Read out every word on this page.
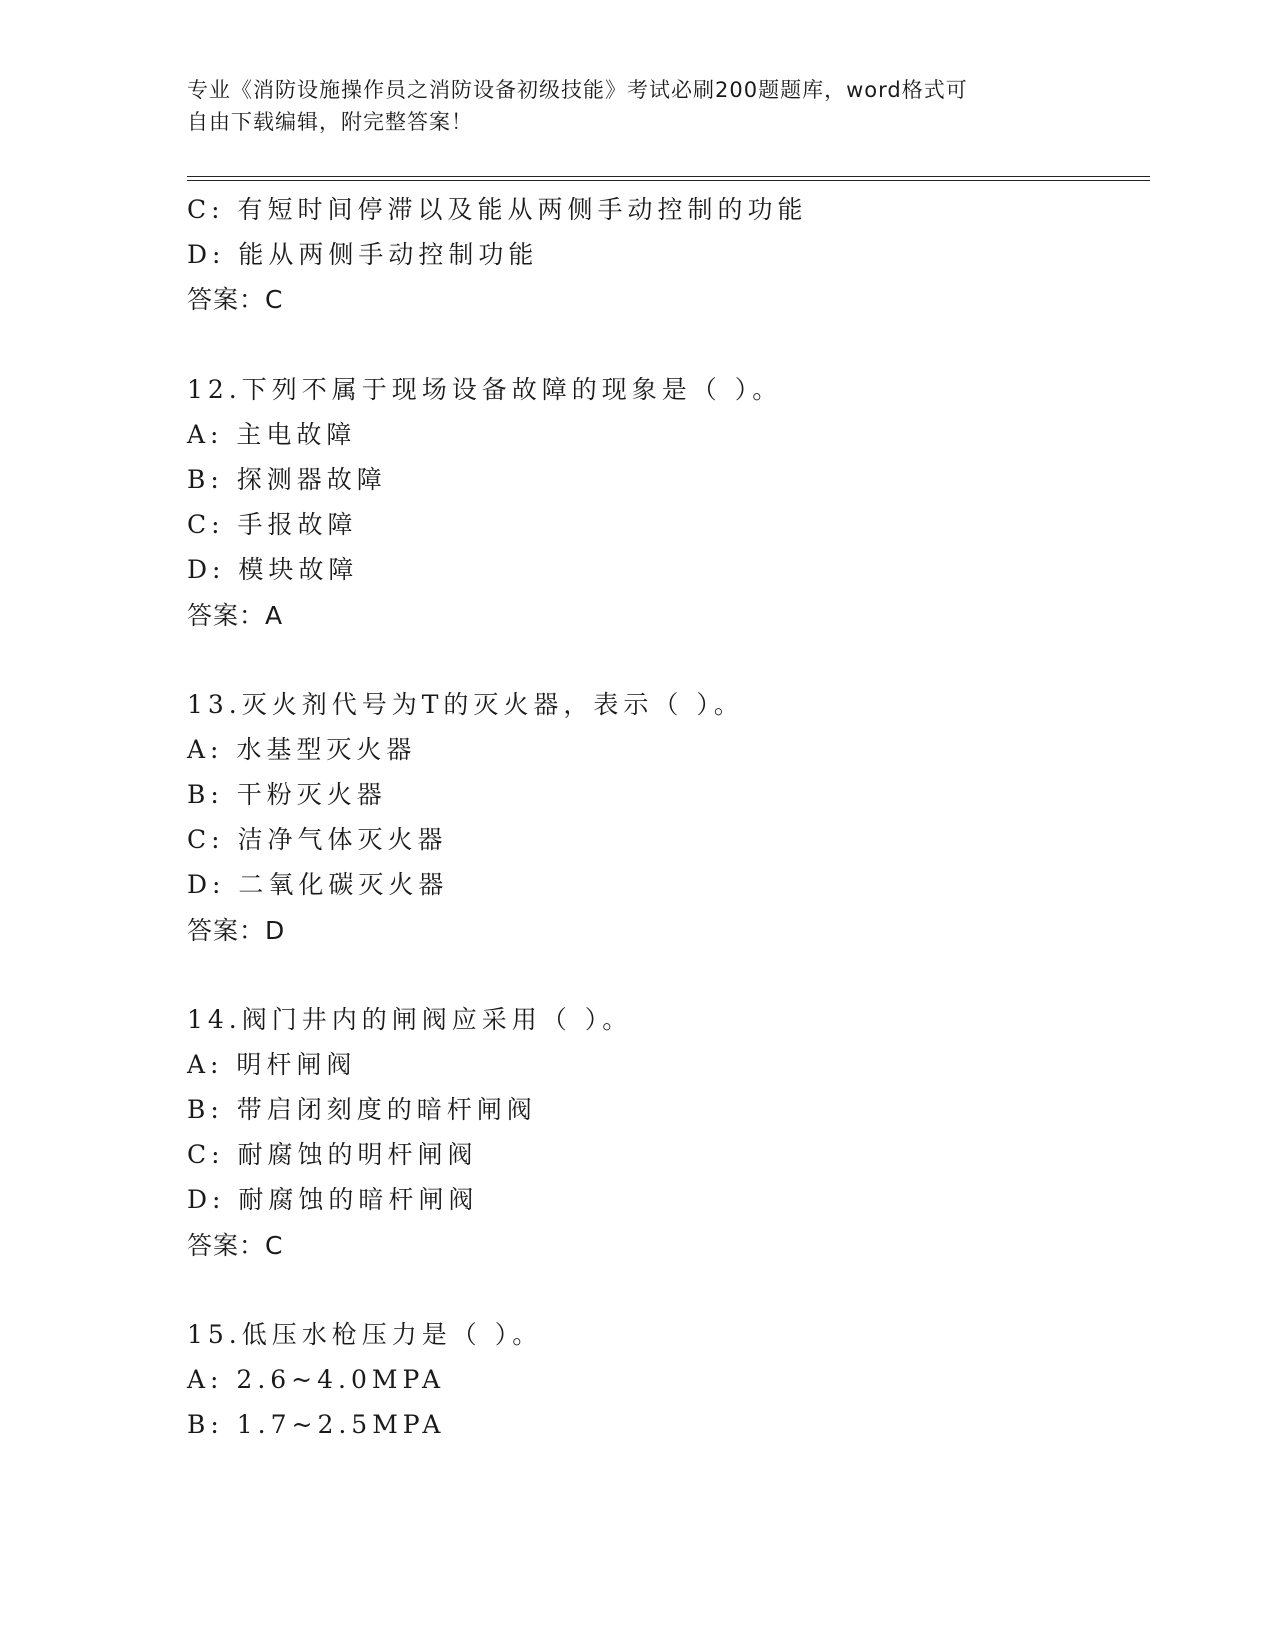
专业《消防设施操作员之消防设备初级技能》考试必刷200题题库，word格式可
自由下载编辑，附完整答案！
C: 有短时间停滞以及能从两侧手动控制的功能
D: 能从两侧手动控制功能
答案：C
12.下列不属于现场设备故障的现象是（ ）。
A: 主电故障
B: 探测器故障
C: 手报故障
D: 模块故障
答案：A
13.灭火剂代号为T的灭火器，表示（ ）。
A: 水基型灭火器
B: 干粉灭火器
C: 洁净气体灭火器
D: 二氧化碳灭火器
答案：D
14.阀门井内的闸阀应采用（ ）。
A: 明杆闸阀
B: 带启闭刻度的暗杆闸阀
C: 耐腐蚀的明杆闸阀
D: 耐腐蚀的暗杆闸阀
答案：C
15.低压水枪压力是（ ）。
A: 2.6~4.0MPA
B: 1.7~2.5MPA
